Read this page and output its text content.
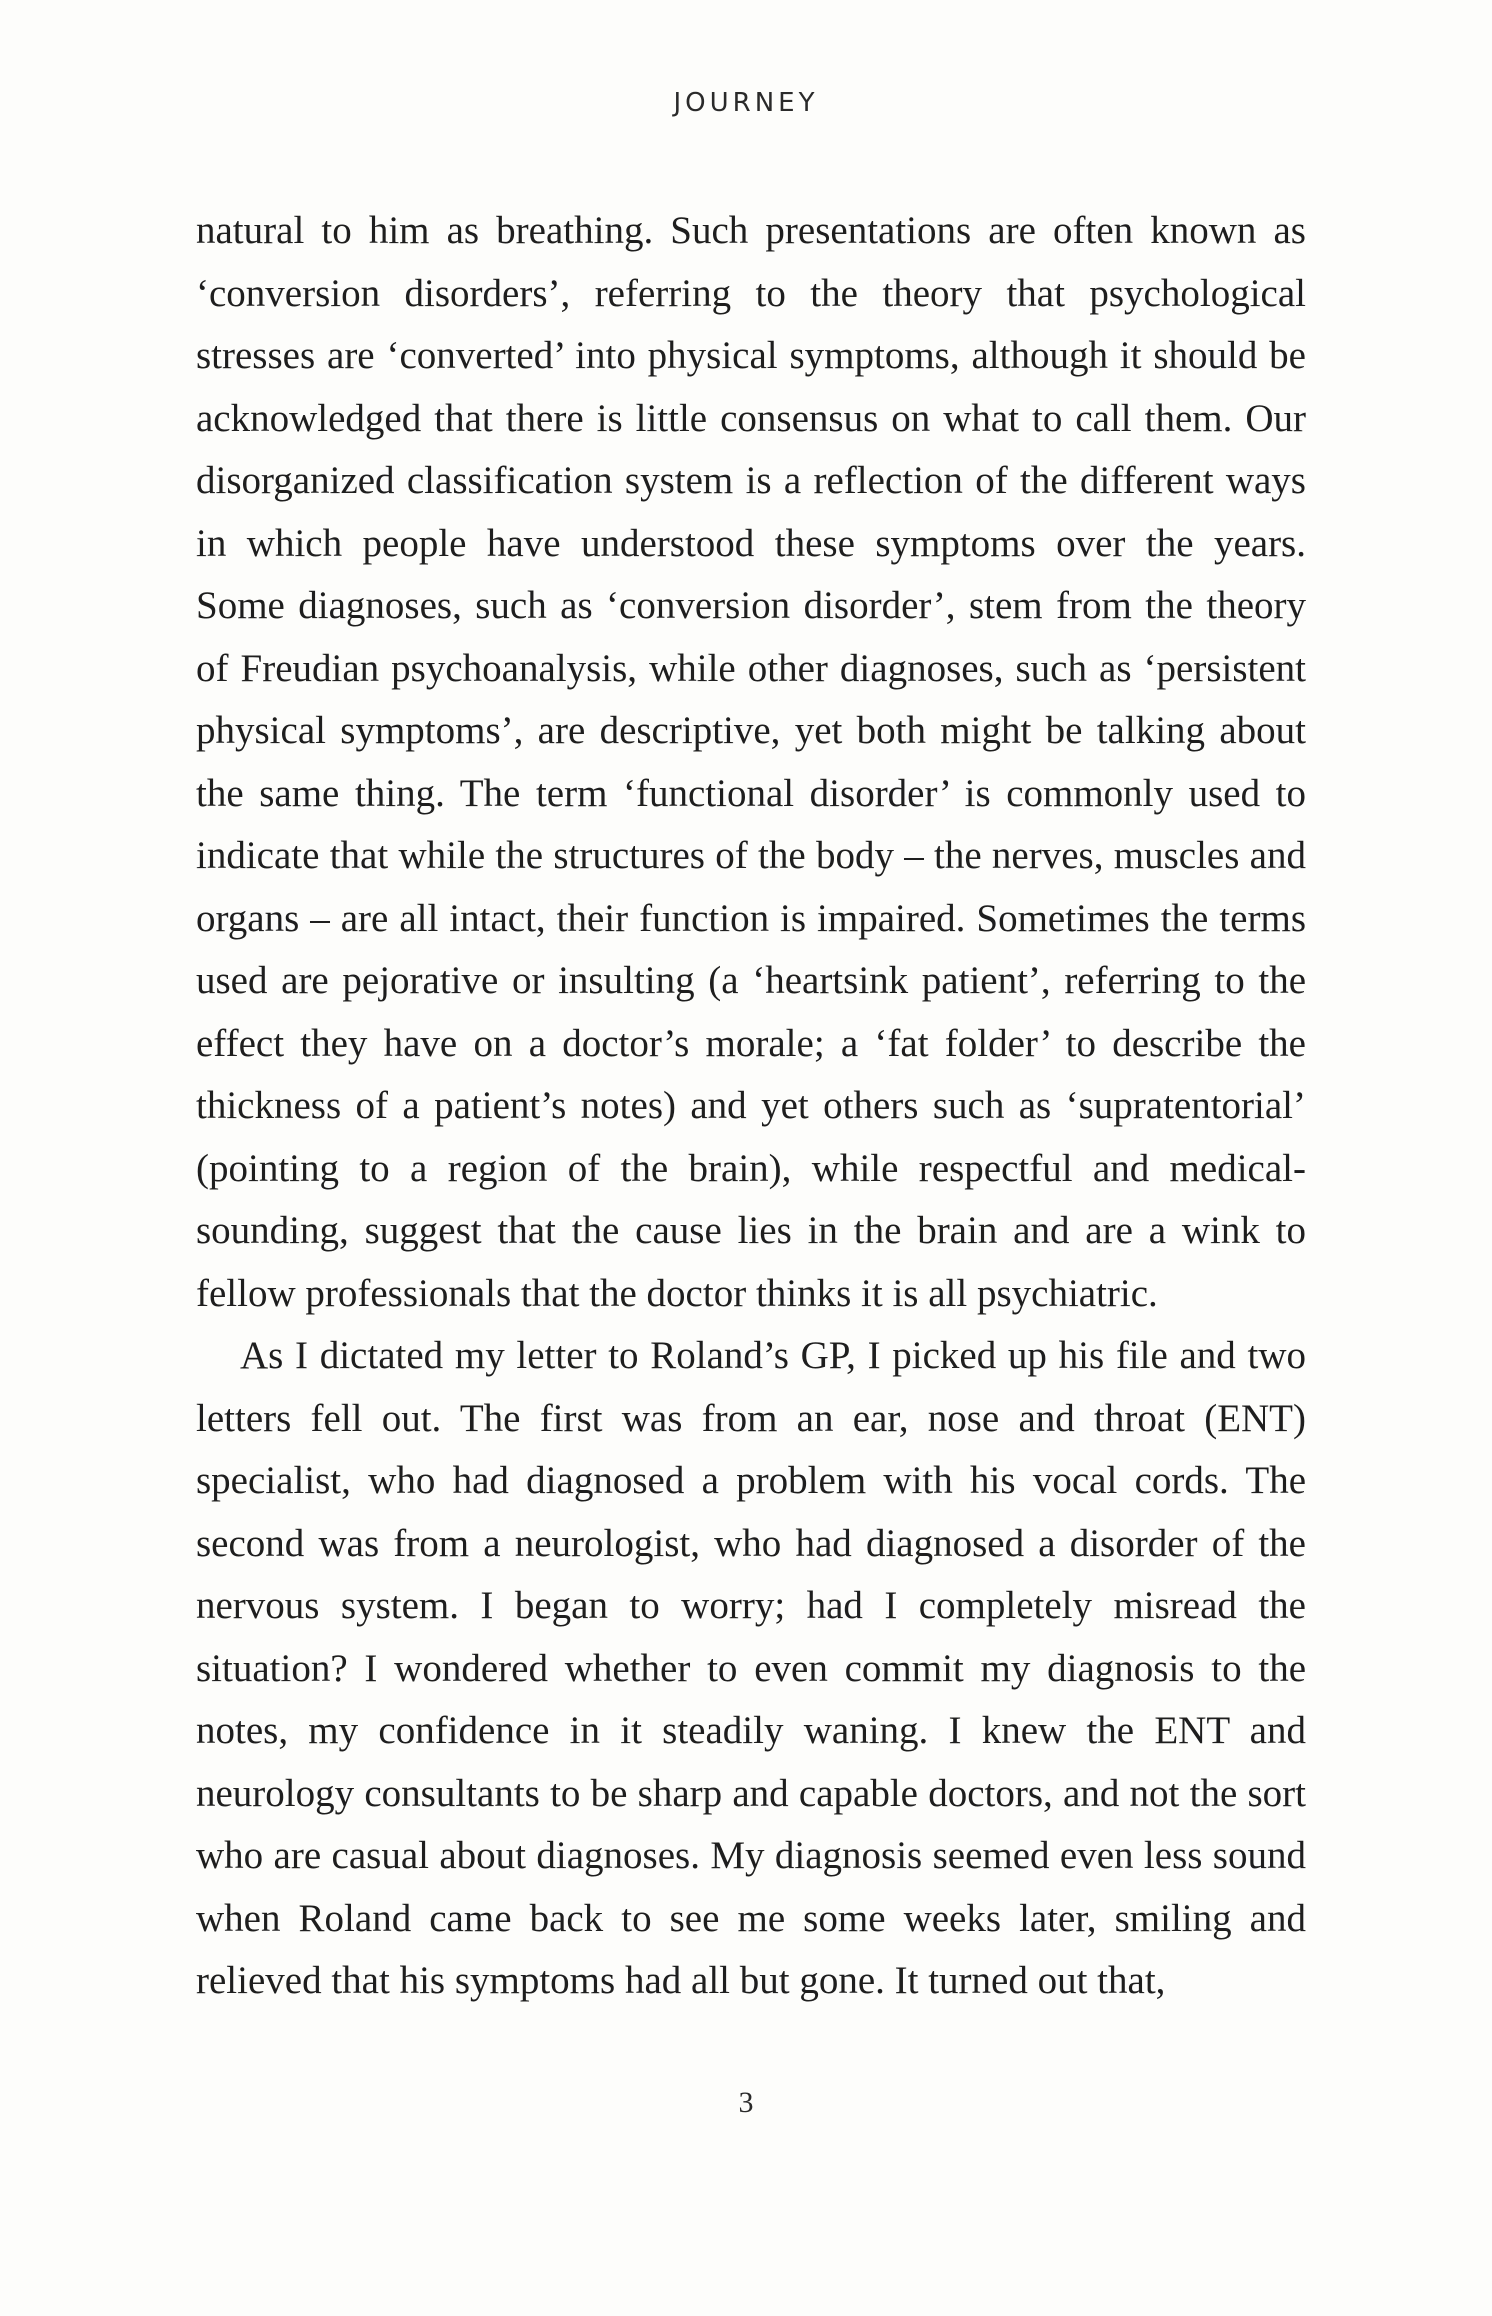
JOURNEY

natural to him as breathing. Such presentations are often known as ‘conversion disorders’, referring to the theory that psychological stresses are ‘converted’ into physical symptoms, although it should be acknowledged that there is little consensus on what to call them. Our disorganized classification system is a reflection of the different ways in which people have understood these symptoms over the years. Some diagnoses, such as ‘conversion disorder’, stem from the theory of Freudian psychoanalysis, while other diagnoses, such as ‘persistent physical symptoms’, are descriptive, yet both might be talking about the same thing. The term ‘functional disorder’ is commonly used to indicate that while the structures of the body – the nerves, muscles and organs – are all intact, their function is impaired. Sometimes the terms used are pejorative or insulting (a ‘heartsink patient’, referring to the effect they have on a doctor’s morale; a ‘fat folder’ to describe the thickness of a patient’s notes) and yet others such as ‘supratentorial’ (pointing to a region of the brain), while respectful and medical-sounding, suggest that the cause lies in the brain and are a wink to fellow professionals that the doctor thinks it is all psychiatric.

As I dictated my letter to Roland’s GP, I picked up his file and two letters fell out. The first was from an ear, nose and throat (ENT) specialist, who had diagnosed a problem with his vocal cords. The second was from a neurologist, who had diagnosed a disorder of the nervous system. I began to worry; had I completely misread the situation? I wondered whether to even commit my diagnosis to the notes, my confidence in it steadily waning. I knew the ENT and neurology consultants to be sharp and capable doctors, and not the sort who are casual about diagnoses. My diagnosis seemed even less sound when Roland came back to see me some weeks later, smiling and relieved that his symptoms had all but gone. It turned out that,

3
